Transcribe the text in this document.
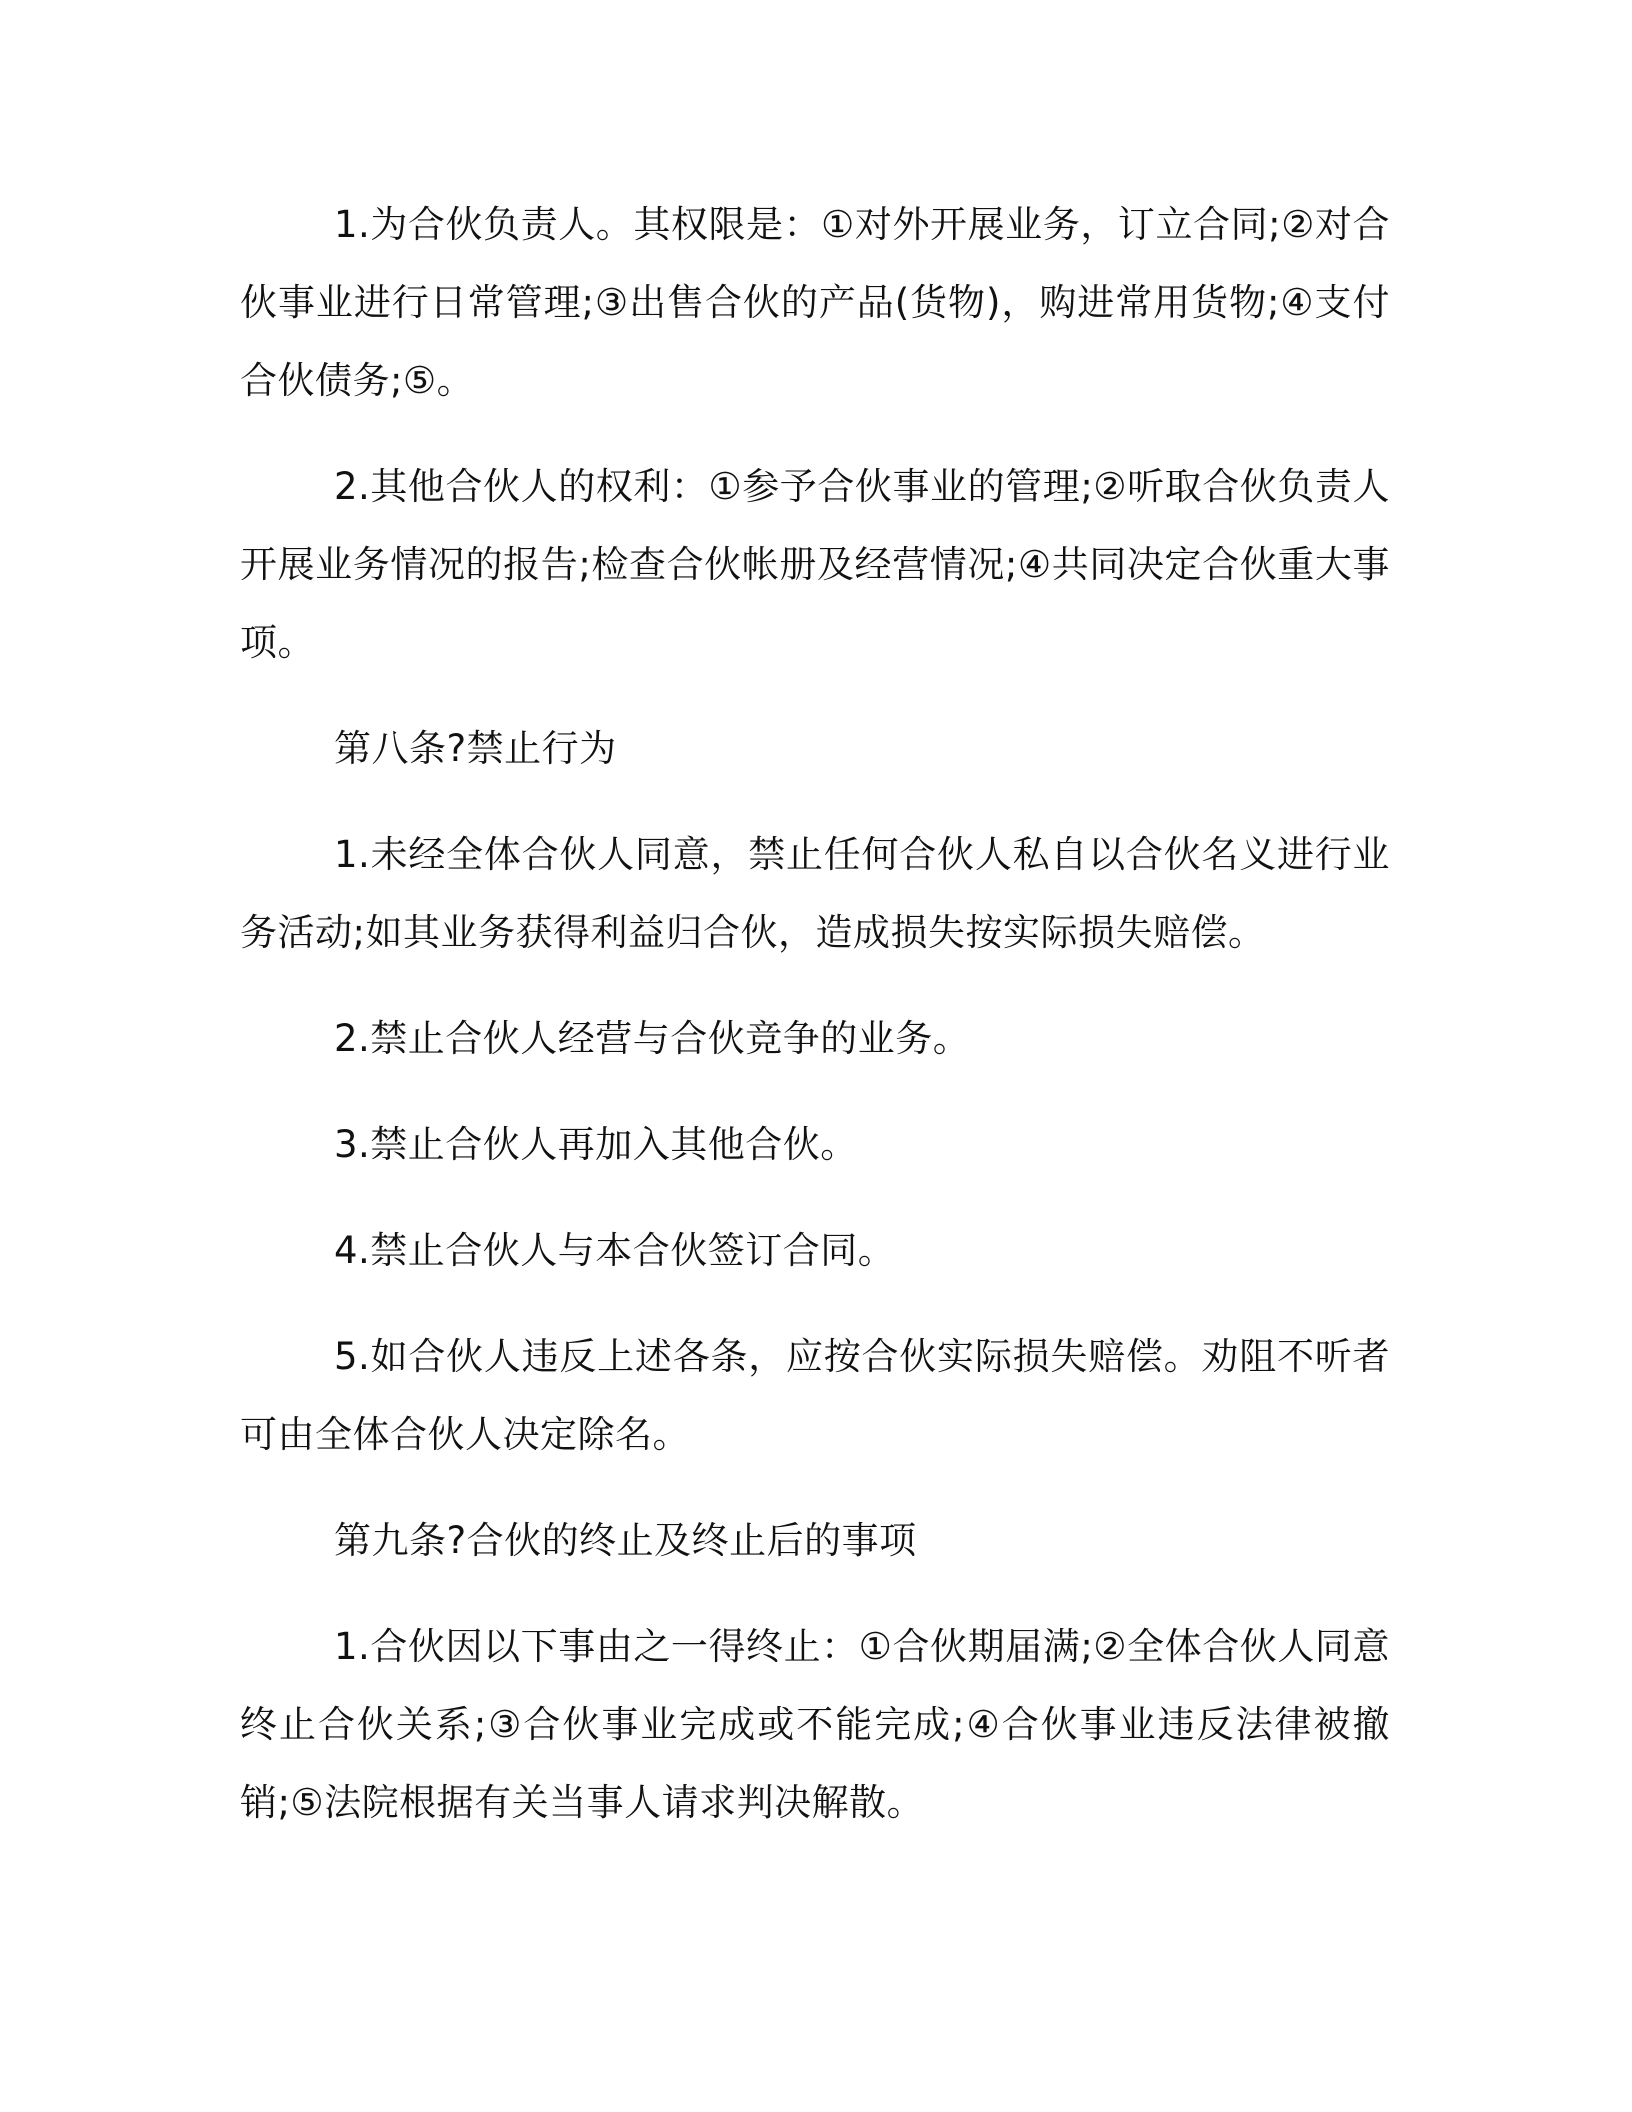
1.为合伙负责人。其权限是：①对外开展业务，订立合同;②对合伙事业进行日常管理;③出售合伙的产品(货物)，购进常用货物;④支付合伙债务;⑤。

2.其他合伙人的权利：①参予合伙事业的管理;②听取合伙负责人开展业务情况的报告;检查合伙帐册及经营情况;④共同决定合伙重大事项。

第八条?禁止行为

1.未经全体合伙人同意，禁止任何合伙人私自以合伙名义进行业务活动;如其业务获得利益归合伙，造成损失按实际损失赔偿。

2.禁止合伙人经营与合伙竞争的业务。

3.禁止合伙人再加入其他合伙。

4.禁止合伙人与本合伙签订合同。

5.如合伙人违反上述各条，应按合伙实际损失赔偿。劝阻不听者可由全体合伙人决定除名。

第九条?合伙的终止及终止后的事项

1.合伙因以下事由之一得终止：①合伙期届满;②全体合伙人同意终止合伙关系;③合伙事业完成或不能完成;④合伙事业违反法律被撤销;⑤法院根据有关当事人请求判决解散。
